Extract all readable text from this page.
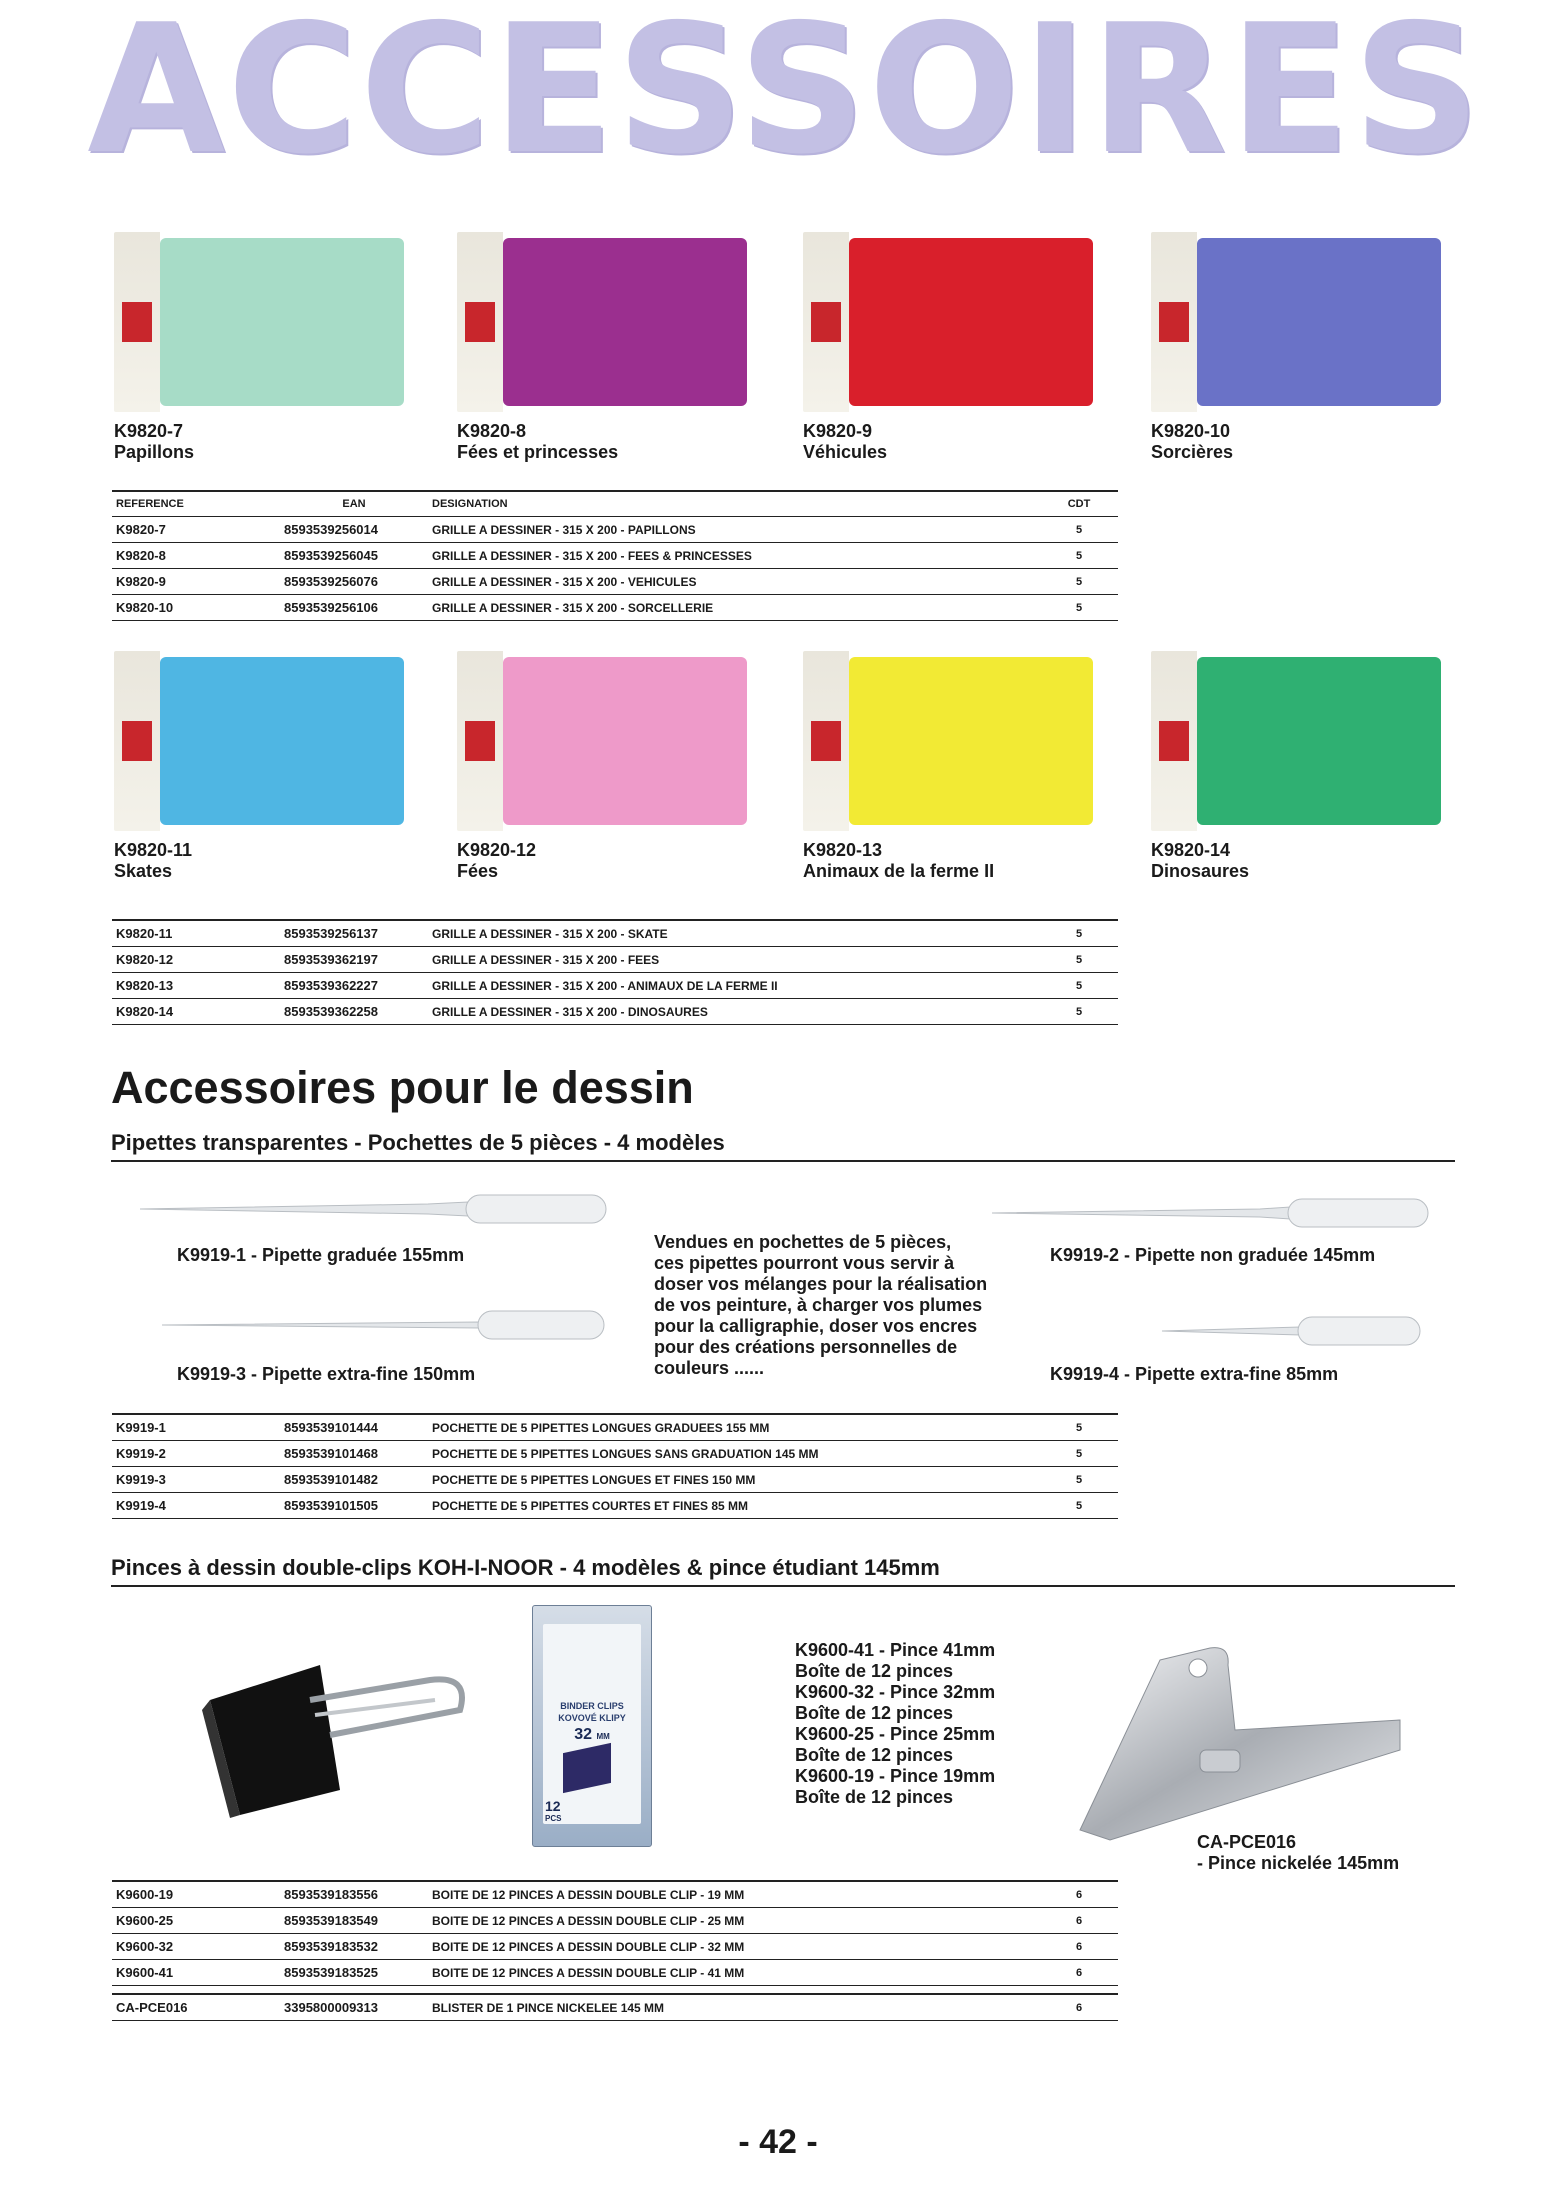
ACCESSOIRES
K9820-7
Papillons
K9820-8
Fées et princesses
K9820-9
Véhicules
K9820-10
Sorcières
K9820-11
Skates
K9820-12
Fées
K9820-13
Animaux de la ferme II
K9820-14
Dinosaures
REFERENCE	EAN	DESIGNATION	CDT
K9820-7	8593539256014	GRILLE A DESSINER - 315 X 200 - PAPILLONS	5
K9820-8	8593539256045	GRILLE A DESSINER - 315 X 200 - FEES & PRINCESSES	5
K9820-9	8593539256076	GRILLE A DESSINER - 315 X 200 - VEHICULES	5
K9820-10	8593539256106	GRILLE A DESSINER - 315 X 200 - SORCELLERIE	5
K9820-11	8593539256137	GRILLE A DESSINER - 315 X 200 - SKATE	5
K9820-12	8593539362197	GRILLE A DESSINER - 315 X 200 - FEES	5
K9820-13	8593539362227	GRILLE A DESSINER - 315 X 200 - ANIMAUX DE LA FERME II	5
K9820-14	8593539362258	GRILLE A DESSINER - 315 X 200 - DINOSAURES	5
Accessoires pour le dessin
Pipettes transparentes - Pochettes de 5 pièces - 4 modèles
K9919-1 - Pipette graduée 155mm
K9919-3 - Pipette extra-fine 150mm
Vendues en pochettes de 5 pièces,
ces pipettes pourront vous servir à
doser vos mélanges pour la réalisation
de vos peinture, à charger vos plumes
pour la calligraphie, doser vos encres
pour des créations personnelles de
couleurs ......
K9919-2 - Pipette non graduée 145mm
K9919-4 - Pipette extra-fine 85mm
K9919-1	8593539101444	POCHETTE DE 5 PIPETTES LONGUES GRADUEES 155 MM	5
K9919-2	8593539101468	POCHETTE DE 5 PIPETTES LONGUES SANS GRADUATION 145 MM	5
K9919-3	8593539101482	POCHETTE DE 5 PIPETTES LONGUES ET FINES 150 MM	5
K9919-4	8593539101505	POCHETTE DE 5 PIPETTES COURTES ET FINES 85 MM	5
Pinces à dessin double-clips KOH-I-NOOR - 4 modèles & pince étudiant 145mm
BINDER CLIPS
KOVOVÉ KLIPY
32 MM
12
PCS
K9600-41 - Pince 41mm
Boîte de 12 pinces
K9600-32 - Pince 32mm
Boîte de 12 pinces
K9600-25 - Pince 25mm
Boîte de 12 pinces
K9600-19 - Pince 19mm
Boîte de 12 pinces
CA-PCE016
- Pince nickelée 145mm
K9600-19	8593539183556	BOITE DE 12 PINCES A DESSIN DOUBLE CLIP - 19 MM	6
K9600-25	8593539183549	BOITE DE 12 PINCES A DESSIN DOUBLE CLIP - 25 MM	6
K9600-32	8593539183532	BOITE DE 12 PINCES A DESSIN DOUBLE CLIP - 32 MM	6
K9600-41	8593539183525	BOITE DE 12 PINCES A DESSIN DOUBLE CLIP - 41 MM	6
CA-PCE016	3395800009313	BLISTER DE 1 PINCE NICKELEE 145 MM	6
- 42 -
